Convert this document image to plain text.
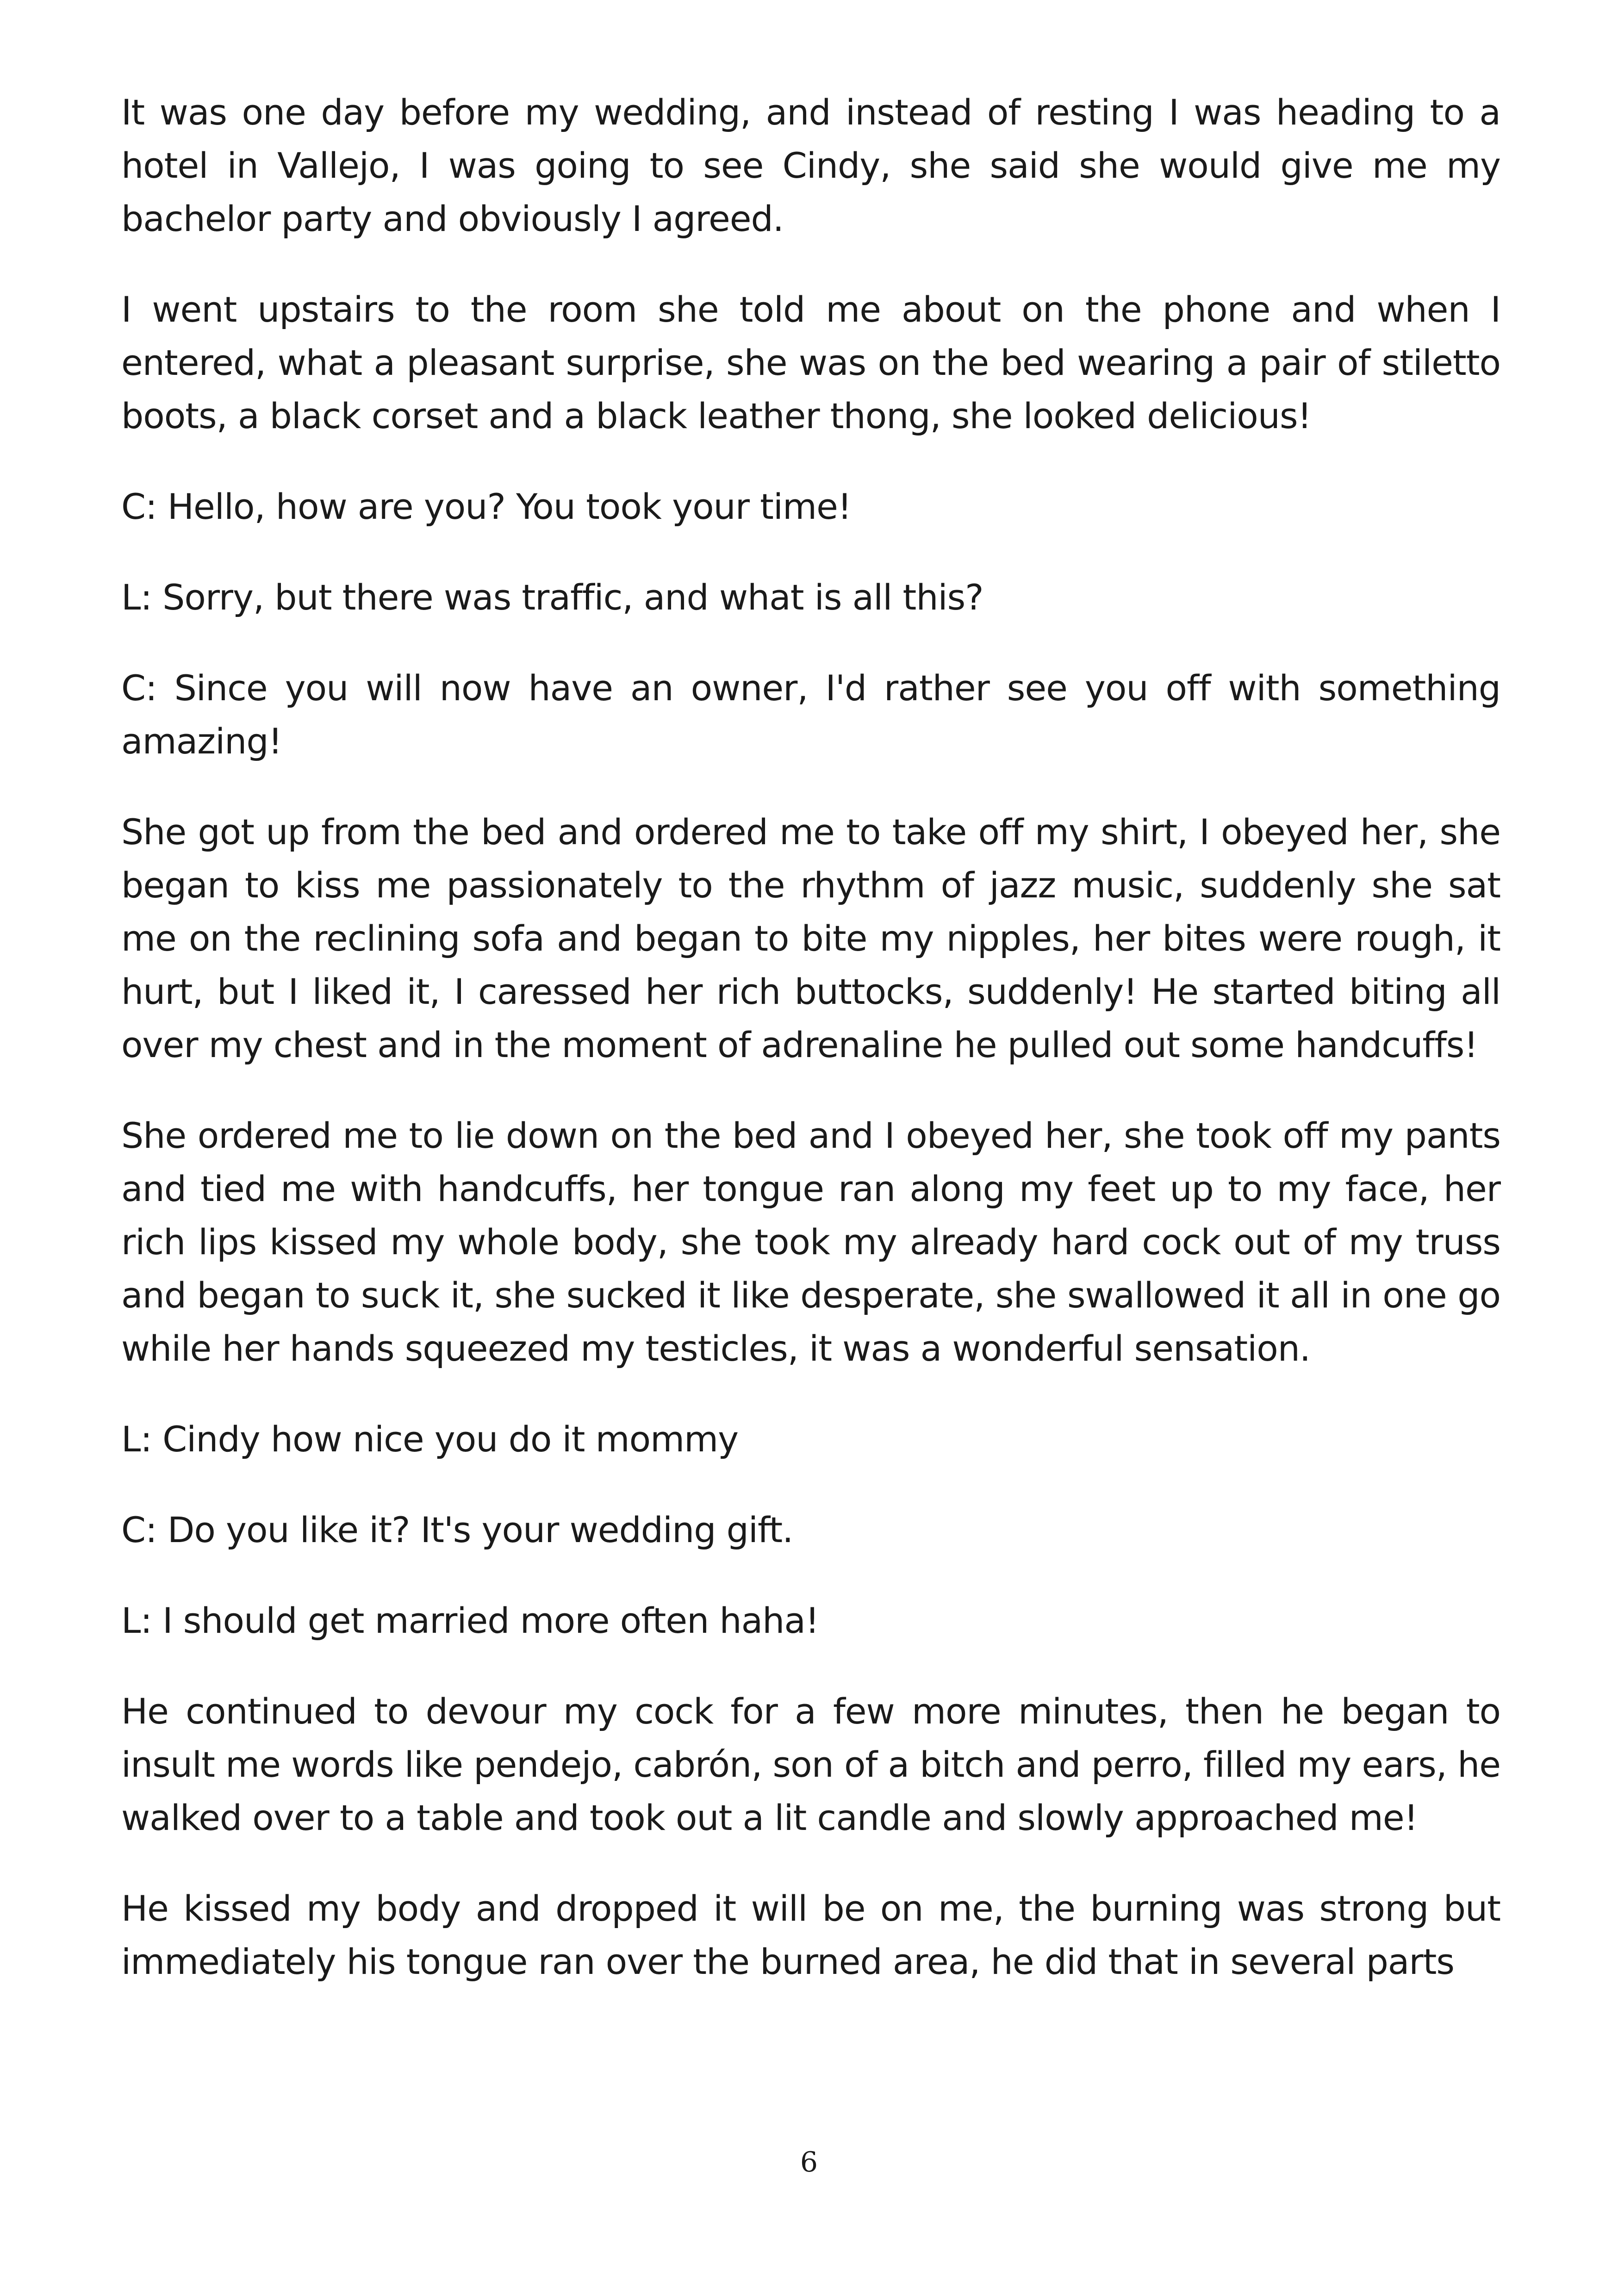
It was one day before my wedding, and instead of resting I was heading to a hotel in Vallejo, I was going to see Cindy, she said she would give me my bachelor party and obviously I agreed.

I went upstairs to the room she told me about on the phone and when I entered, what a pleasant surprise, she was on the bed wearing a pair of stiletto boots, a black corset and a black leather thong, she looked delicious!

C: Hello, how are you? You took your time!

L: Sorry, but there was traffic, and what is all this?

C: Since you will now have an owner, I'd rather see you off with something amazing!

She got up from the bed and ordered me to take off my shirt, I obeyed her, she began to kiss me passionately to the rhythm of jazz music, suddenly she sat me on the reclining sofa and began to bite my nipples, her bites were rough, it hurt, but I liked it, I caressed her rich buttocks, suddenly! He started biting all over my chest and in the moment of adrenaline he pulled out some handcuffs!

She ordered me to lie down on the bed and I obeyed her, she took off my pants and tied me with handcuffs, her tongue ran along my feet up to my face, her rich lips kissed my whole body, she took my already hard cock out of my truss and began to suck it, she sucked it like desperate, she swallowed it all in one go while her hands squeezed my testicles, it was a wonderful sensation.

L: Cindy how nice you do it mommy

C: Do you like it? It's your wedding gift.

L: I should get married more often haha!

He continued to devour my cock for a few more minutes, then he began to insult me words like pendejo, cabrón, son of a bitch and perro, filled my ears, he walked over to a table and took out a lit candle and slowly approached me!

He kissed my body and dropped it will be on me, the burning was strong but immediately his tongue ran over the burned area, he did that in several parts

6
